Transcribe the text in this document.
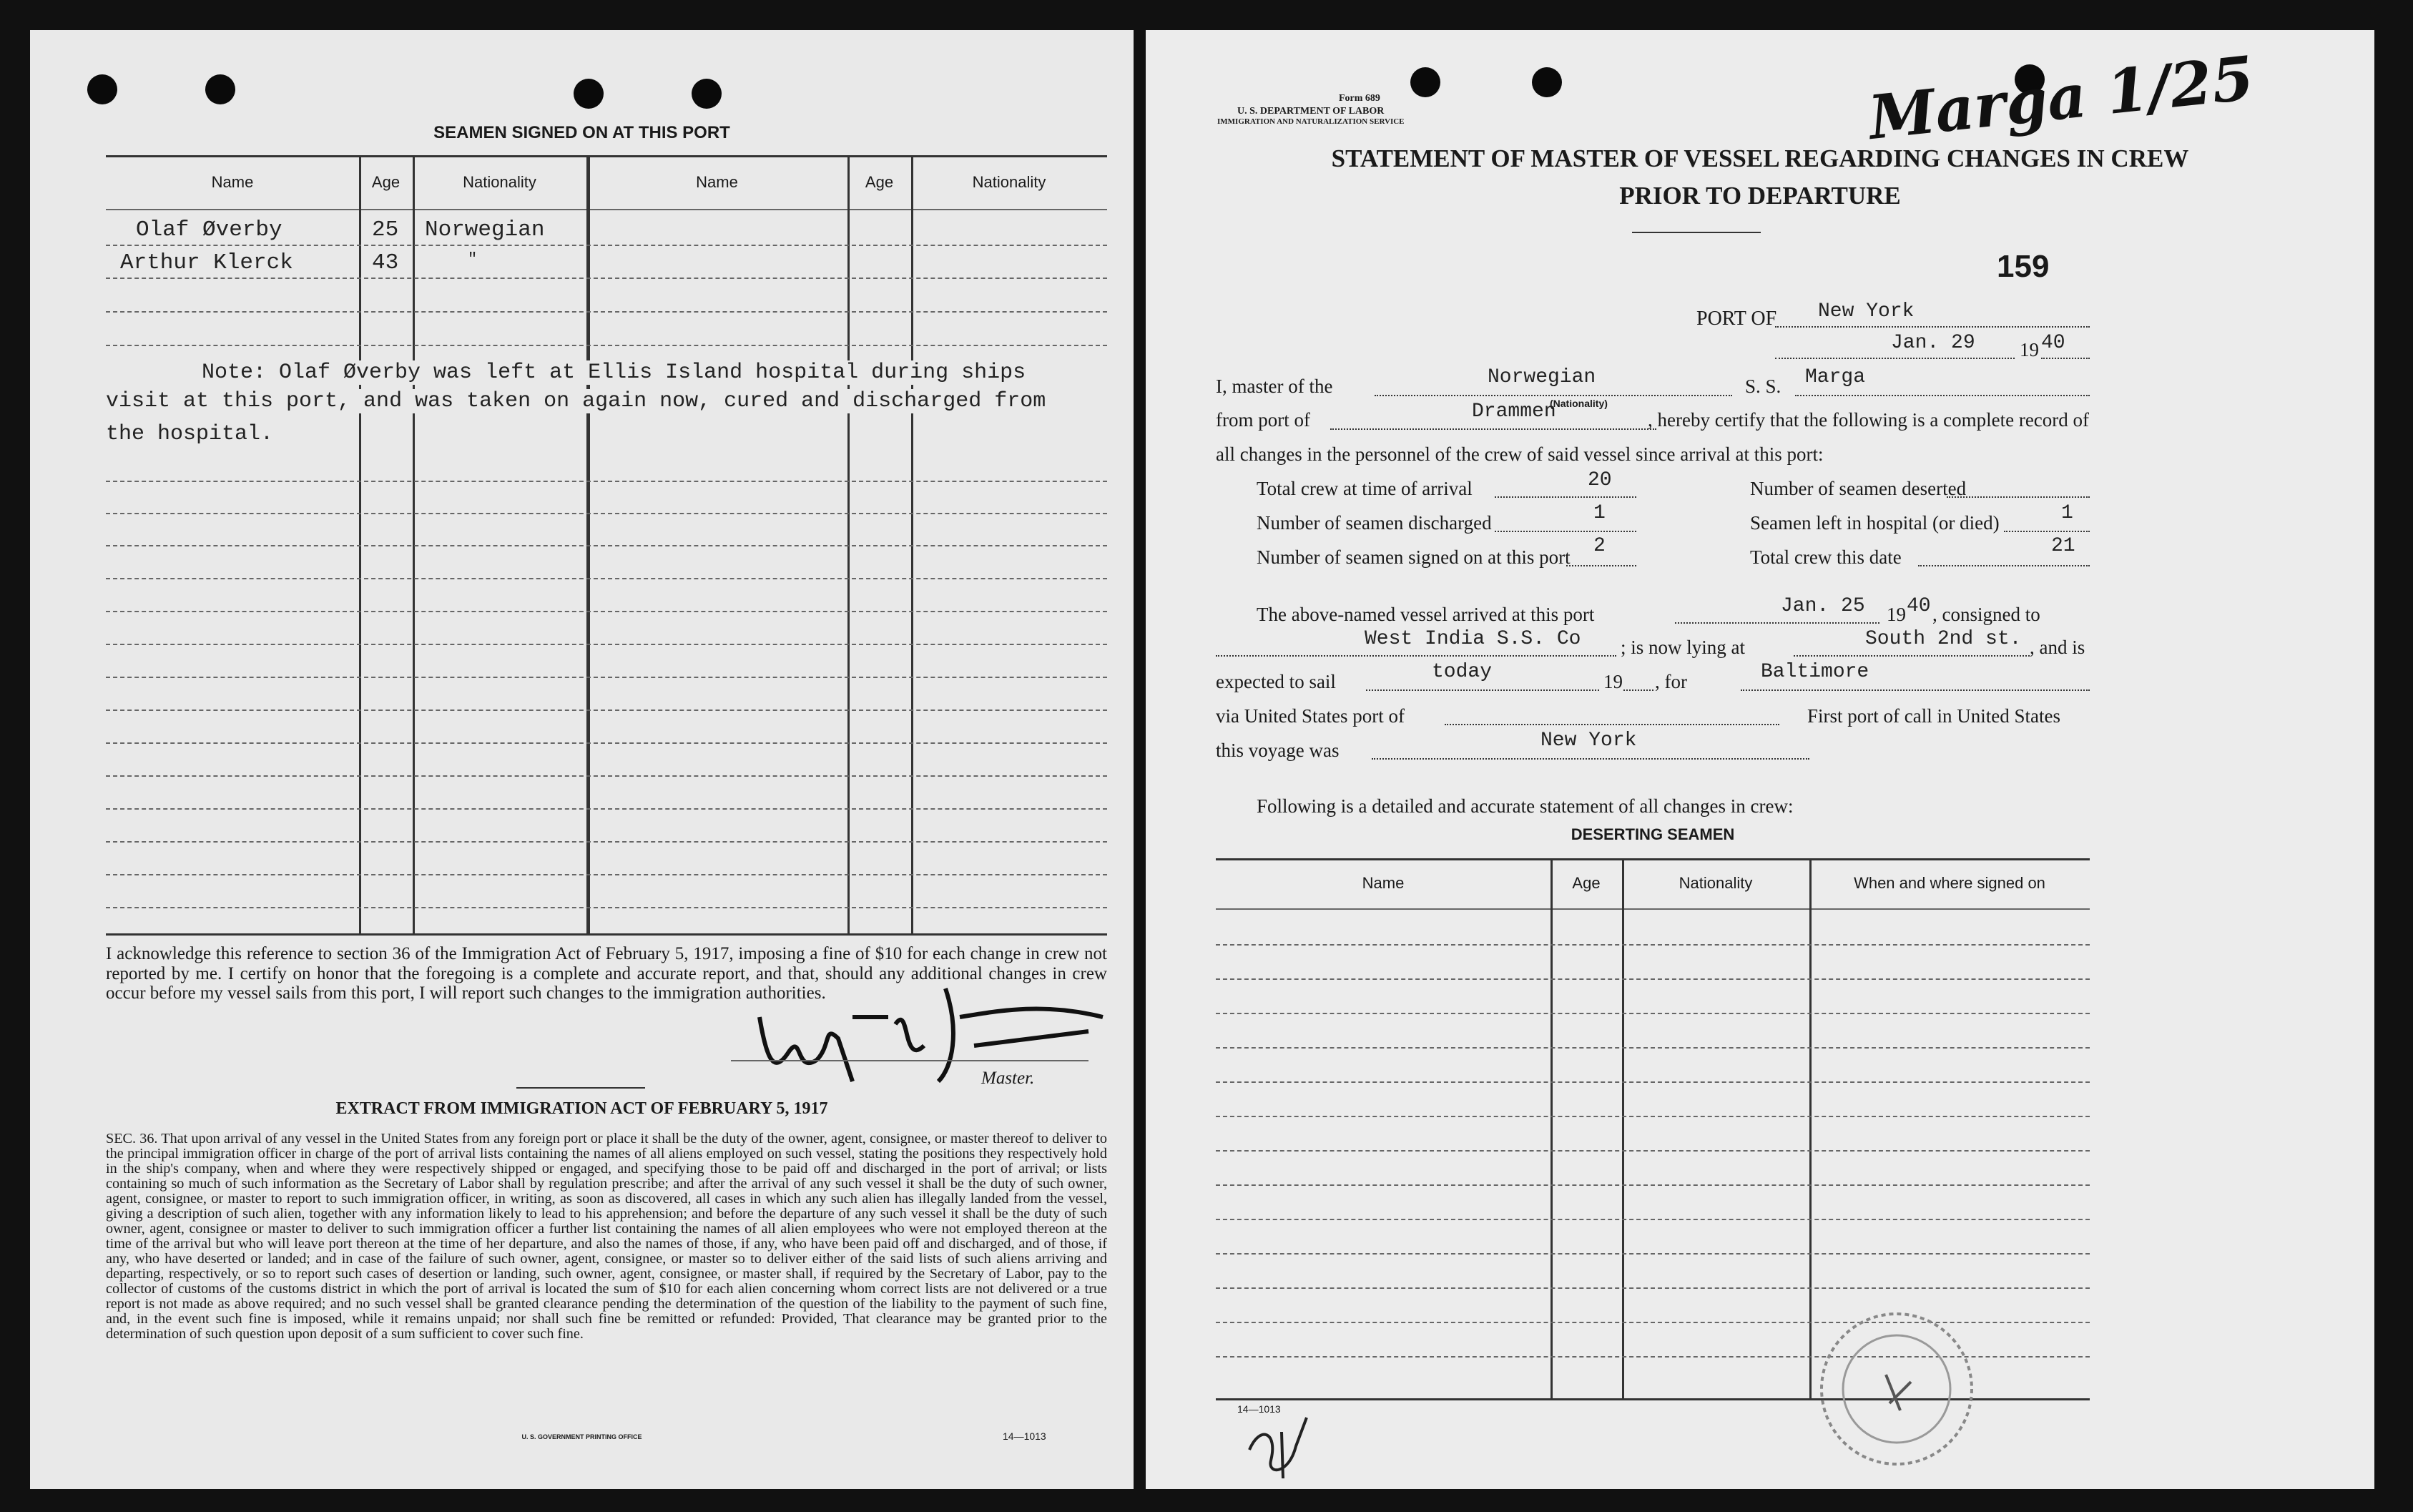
SEAMEN SIGNED ON AT THIS PORT
Name	Age	Nationality	Name	Age	Nationality
Olaf Øverby	25 Norwegian
Arthur Klerck	43	"
Note: Olaf Øverby was left at Ellis Island hospital during ships
visit at this port, and was taken on again now, cured and discharged from
the hospital.
I acknowledge this reference to section 36 of the Immigration Act of February 5, 1917, imposing a fine of $10 for each change in crew not reported by me. I certify on honor that the foregoing is a complete and accurate report, and that, should any additional changes in crew occur before my vessel sails from this port, I will report such changes to the immigration authorities.
Master.
EXTRACT FROM IMMIGRATION ACT OF FEBRUARY 5, 1917
SEC. 36. That upon arrival of any vessel in the United States from any foreign port or place it shall be the duty of the owner, agent, consignee, or master thereof to deliver to the principal immigration officer in charge of the port of arrival lists containing the names of all aliens employed on such vessel, stating the positions they respectively hold in the ship's company, when and where they were respectively shipped or engaged, and specifying those to be paid off and discharged in the port of arrival; or lists containing so much of such information as the Secretary of Labor shall by regulation prescribe; and after the arrival of any such vessel it shall be the duty of such owner, agent, consignee, or master to report to such immigration officer, in writing, as soon as discovered, all cases in which any such alien has illegally landed from the vessel, giving a description of such alien, together with any information likely to lead to his apprehension; and before the departure of any such vessel it shall be the duty of such owner, agent, consignee or master to deliver to such immigration officer a further list containing the names of all alien employees who were not employed thereon at the time of the arrival but who will leave port thereon at the time of her departure, and also the names of those, if any, who have been paid off and discharged, and of those, if any, who have deserted or landed; and in case of the failure of such owner, agent, consignee, or master so to deliver either of the said lists of such aliens arriving and departing, respectively, or so to report such cases of desertion or landing, such owner, agent, consignee, or master shall, if required by the Secretary of Labor, pay to the collector of customs of the customs district in which the port of arrival is located the sum of $10 for each alien concerning whom correct lists are not delivered or a true report is not made as above required; and no such vessel shall be granted clearance pending the determination of the question of the liability to the payment of such fine, and, in the event such fine is imposed, while it remains unpaid; nor shall such fine be remitted or refunded: Provided, That clearance may be granted prior to the determination of such question upon deposit of a sum sufficient to cover such fine.
U. S. GOVERNMENT PRINTING OFFICE	14—1013
Form 689
U. S. DEPARTMENT OF LABOR
IMMIGRATION AND NATURALIZATION SERVICE	Marga 1/25
STATEMENT OF MASTER OF VESSEL REGARDING CHANGES IN CREW
PRIOR TO DEPARTURE
159
PORT OF New York
Jan. 29 19 40
I, master of the	Norwegian
(Nationality)
S. S. Marga
from port of	Drammen	, hereby certify that the following is a complete record of
all changes in the personnel of the crew of said vessel since arrival at this port:
Total crew at time of arrival	20	Number of seamen deserted
Number of seamen discharged	1	Seamen left in hospital (or died)	1
Number of seamen signed on at this port 2	Total crew this date	21
The above-named vessel arrived at this port	Jan. 25 19 40 , consigned to
West India S.S. Co ; is now lying at	South 2nd st. , and is
expected to sail	today	19 , for	Baltimore
via United States port of	First port of call in United States
this voyage was	New York
Following is a detailed and accurate statement of all changes in crew:
DESERTING SEAMEN
Name	Age	Nationality	When and where signed on
14—1013
